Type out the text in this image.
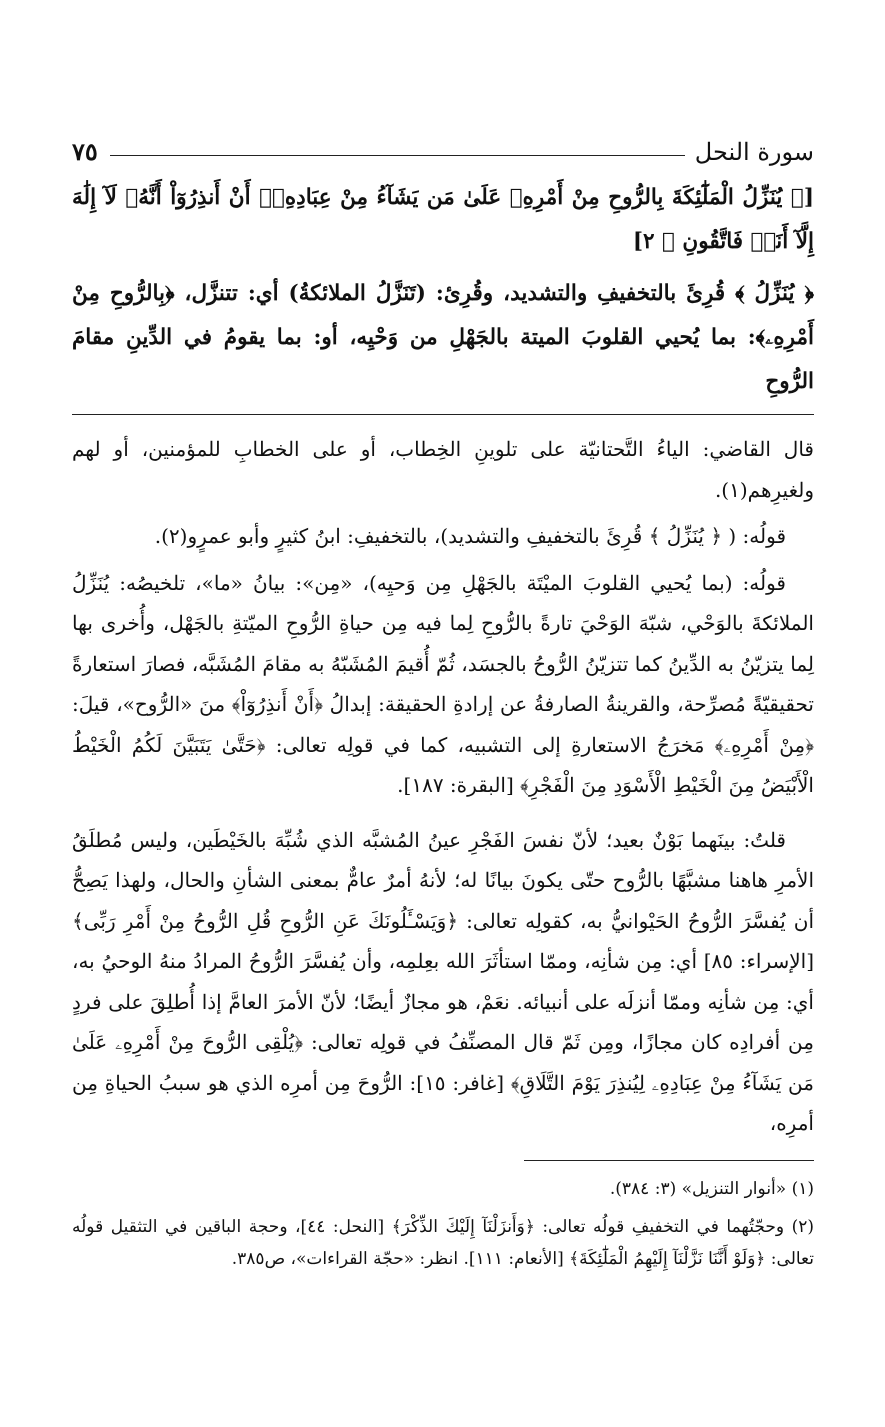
سورة النحل
٧٥
[﴿ يُنَزِّلُ الْمَلَٰٓئِكَةَ بِالرُّوحِ مِنْ أَمْرِهِۦ عَلَىٰ مَن يَشَآءُ مِنْ عِبَادِهِۦٓ أَنْ أَنذِرُوٓاْ أَنَّهُۥ لَآ إِلَٰهَ إِلَّآ أَنَا۠ فَاتَّقُونِ ﴾ ٢]
﴿ يُنَزِّلُ ﴾ قُرِئَ بالتخفيفِ والتشديد، وقُرِئ: (تَنَزَّلُ الملائكةُ) أي: تتنزَّل، ﴿بِالرُّوحِ مِنْ أَمْرِهِۦ﴾: بما يُحيي القلوبَ الميتة بالجَهْلِ من وَحْيِه، أو: بما يقومُ في الدِّينِ مقامَ الرُّوحِ

قال القاضي: الياءُ التَّحتانيّة على تلوينِ الخِطاب، أو على الخطابِ للمؤمنين، أو لهم ولغيرِهم(١).

قولُه: ( ﴿ يُنَزِّلُ ﴾ قُرِئَ بالتخفيفِ والتشديد)، بالتخفيفِ: ابنُ كثيرٍ وأبو عمرٍو(٢).

قولُه: (بما يُحيي القلوبَ الميْتَة بالجَهْلِ مِن وَحيِه)، «مِن»: بيانُ «ما»، تلخيصُه: يُنَزِّلُ الملائكةَ بالوَحْي، شبّهَ الوَحْيَ تارةً بالرُّوحِ لِما فيه مِن حياةِ الرُّوحِ الميّتةِ بالجَهْل، وأُخرى بها لِما يتزيّنُ به الدِّينُ كما تتزيّنُ الرُّوحُ بالجسَد، ثُمّ أُقيمَ المُشَبّهُ به مقامَ المُشَبَّه، فصارَ استعارةً تحقيقيّةً مُصرِّحة، والقرينةُ الصارفةُ عن إرادةِ الحقيقة: إبدالُ ﴿أَنْ أَنذِرُوٓاْ﴾ منَ «الرُّوح»، قيلَ: ﴿مِنْ أَمْرِهِۦ﴾ مَخرَجُ الاستعارةِ إلى التشبيه، كما في قولِه تعالى: ﴿حَتَّىٰ يَتَبَيَّنَ لَكُمُ الْخَيْطُ الْأَبْيَضُ مِنَ الْخَيْطِ الْأَسْوَدِ مِنَ الْفَجْرِ﴾ [البقرة: ١٨٧].

قلتُ: بينَهما بَوْنٌ بعيد؛ لأنّ نفسَ الفَجْرِ عينُ المُشبَّه الذي شُبِّهَ بالخَيْطَين، وليس مُطلَقُ الأمرِ هاهنا مشبَّهًا بالرُّوح حتّى يكونَ بيانًا له؛ لأنهُ أمرٌ عامٌّ بمعنى الشأنِ والحال، ولهذا يَصِحُّ أن يُفسَّرَ الرُّوحُ الحَيْوانيُّ به، كقولِه تعالى: ﴿وَيَسْـَٔلُونَكَ عَنِ الرُّوحِ قُلِ الرُّوحُ مِنْ أَمْرِ رَبِّى﴾ [الإسراء: ٨٥] أي: مِن شأنِه، وممّا استأثَرَ الله بعِلمِه، وأن يُفسَّرَ الرُّوحُ المرادُ منهُ الوحيُ به، أي: مِن شأنِه وممّا أنزلَه على أنبيائه. نعَمْ، هو مجازٌ أيضًا؛ لأنّ الأمرَ العامَّ إذا أُطلِقَ على فردٍ مِن أفرادِه كان مجازًا، ومِن ثَمّ قال المصنِّفُ في قولِه تعالى: ﴿يُلْقِى الرُّوحَ مِنْ أَمْرِهِۦ عَلَىٰ مَن يَشَآءُ مِنْ عِبَادِهِۦ لِيُنذِرَ يَوْمَ التَّلَاقِ﴾ [غافر: ١٥]: الرُّوحَ مِن أمرِه الذي هو سببُ الحياةِ مِن أمرِه،

(١) «أنوار التنزيل» (٣: ٣٨٤).
(٢) وحجّتُهما في التخفيفِ قولُه تعالى: ﴿وَأَنزَلْنَآ إِلَيْكَ الذِّكْرَ﴾ [النحل: ٤٤]، وحجة الباقين في التثقيل قولُه تعالى: ﴿وَلَوْ أَنَّنَا نَزَّلْنَآ إِلَيْهِمُ الْمَلَٰٓئِكَةَ﴾ [الأنعام: ١١١]. انظر: «حجّة القراءات»، ص٣٨٥.
